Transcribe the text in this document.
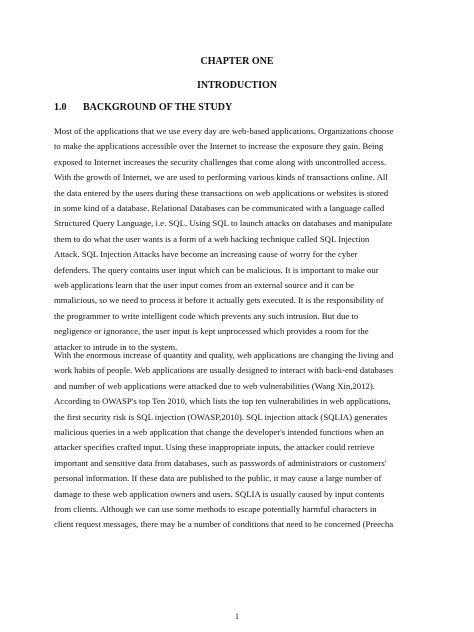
CHAPTER ONE

INTRODUCTION

1.0 BACKGROUND OF THE STUDY

Most of the applications that we use every day are web-based applications. Organizations choose
to make the applications accessible over the Internet to increase the exposure they gain. Being
exposed to Internet increases the security challenges that come along with uncontrolled access.
With the growth of Internet, we are used to performing various kinds of transactions online. All
the data entered by the users during these transactions on web applications or websites is stored
in some kind of a database. Relational Databases can be communicated with a language called
Structured Query Language, i.e. SQL. Using SQL to launch attacks on databases and manipulate
them to do what the user wants is a form of a web hacking technique called SQL Injection
Attack. SQL Injection Attacks have become an increasing cause of worry for the cyber
defenders. The query contains user input which can be malicious. It is important to make our
web applications learn that the user input comes from an external source and it can be
mmalicious, so we need to process it before it actually gets executed. It is the responsibility of
the programmer to write intelligent code which prevents any such intrusion. But due to
negligence or ignorance, the user input is kept unprocessed which provides a room for the
attacker to intrude in to the system.
With the enormous increase of quantity and quality, web applications are changing the living and
work habits of people. Web applications are usually designed to interact with back-end databases
and number of web applications were attacked due to web vulnerabilities (Wang Xin,2012).
According to OWASP's top Ten 2010, which lists the top ten vulnerabilities in web applications,
the first security risk is SQL injection (OWASP,2010). SQL injection attack (SQLIA) generates
malicious queries in a web application that change the developer's intended functions when an
attacker specifies crafted input. Using these inappropriate inputs, the attacker could retrieve
important and sensitive data from databases, such as passwords of administrators or customers'
personal information. If these data are published to the public, it may cause a large number of
damage to these web application owners and users. SQLIA is usually caused by input contents
from clients. Although we can use some methods to escape potentially harmful characters in
client request messages, there may be a number of conditions that need to be concerned (Preecha

1
